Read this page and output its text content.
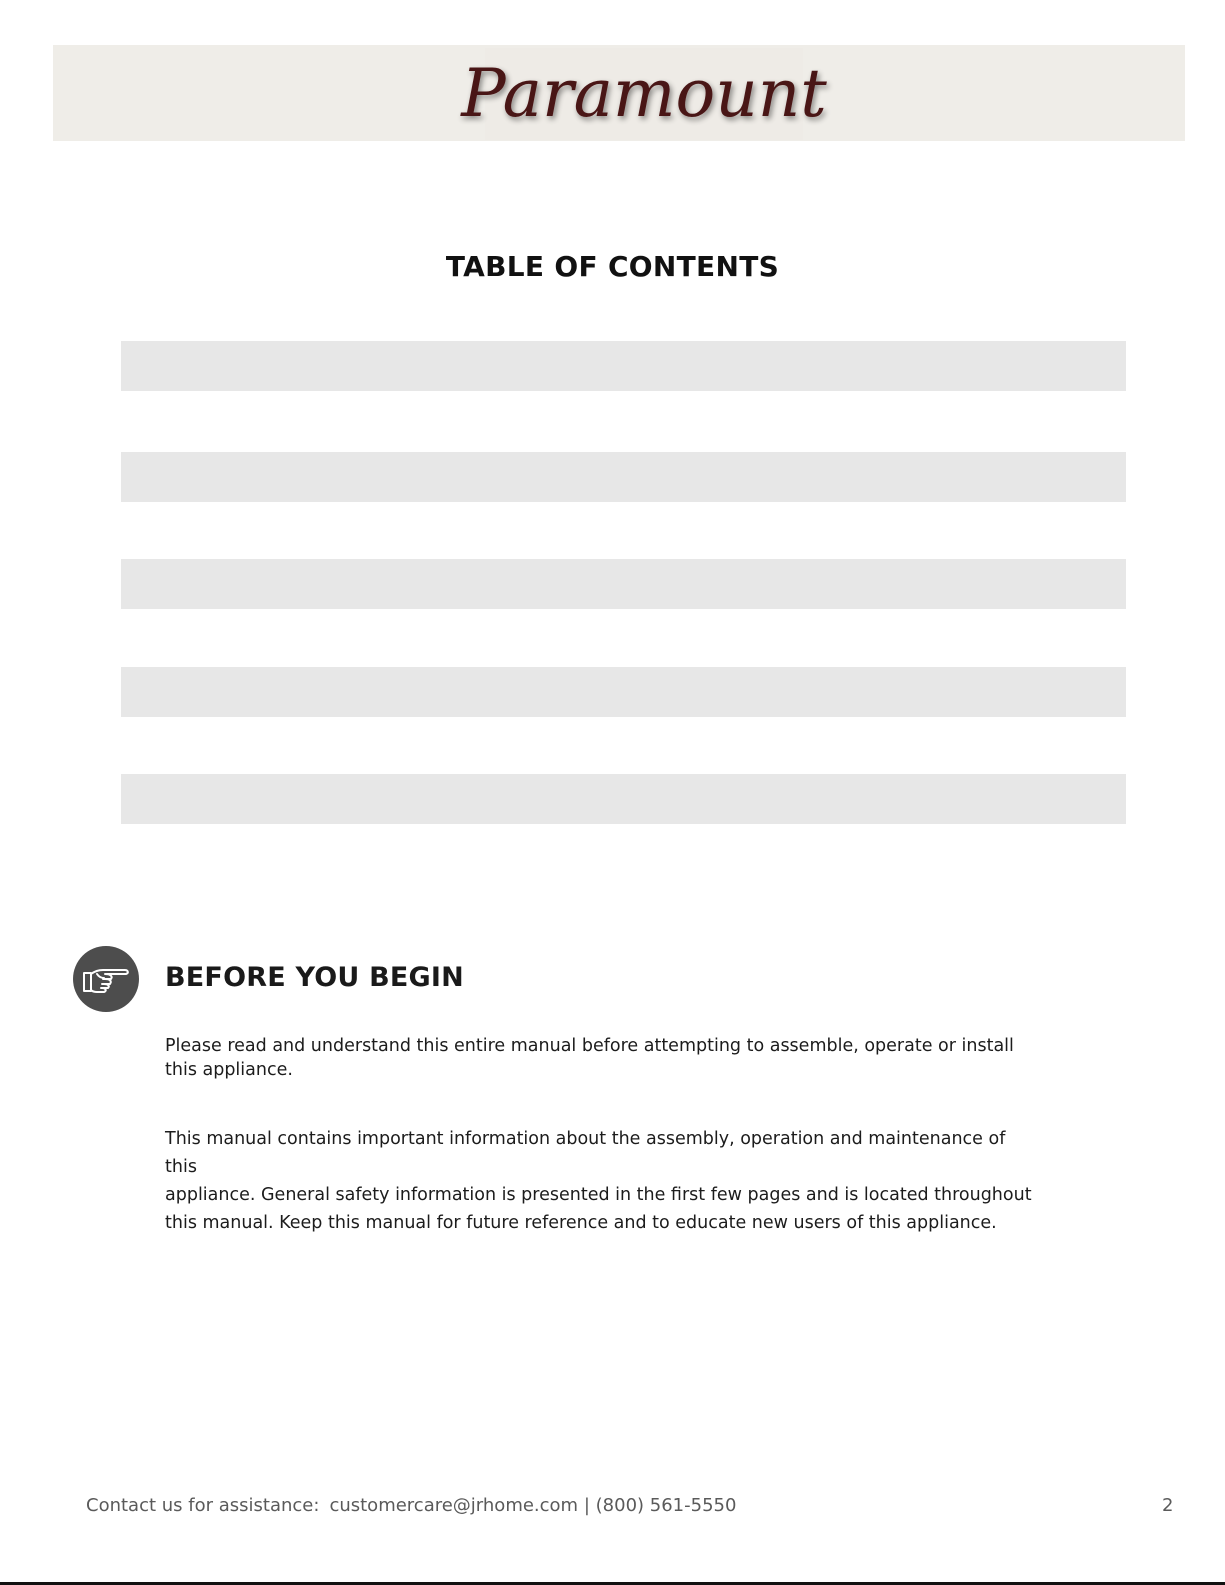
Paramount
TABLE OF CONTENTS
BEFORE YOU BEGIN
Please read and understand this entire manual before attempting to assemble, operate or install
this appliance.
This manual contains important information about the assembly, operation and maintenance of this
appliance. General safety information is presented in the first few pages and is located throughout
this manual. Keep this manual for future reference and to educate new users of this appliance.
Contact us for assistance: customercare@jrhome.com | (800) 561-5550	2
